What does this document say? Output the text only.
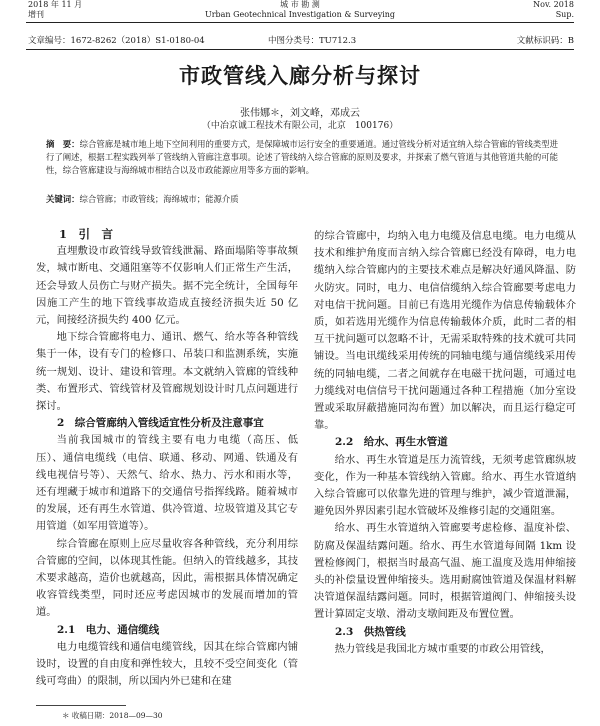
2018 年 11 月
增刊
城 市 勘 测
Urban Geotechnical Investigation & Surveying
Nov. 2018
Sup.
文章编号：1672-8262（2018）S1-0180-04	中图分类号：TU712.3	文献标识码：B
市政管线入廊分析与探讨
张伟娜＊，刘文峰，邓成云
（中冶京诚工程技术有限公司，北京　100176）
摘　要：综合管廊是城市地上地下空间利用的重要方式，是保障城市运行安全的重要通道。通过管线分析对适宜纳入综合管廊的管线类型进行了阐述，根据工程实践列举了管线纳入管廊注意事项。论述了管线纳入综合管廊的原则及要求，并探索了燃气管道与其他管道共舱的可能性，综合管廊建设与海绵城市相结合以及市政能源应用等多方面的影响。
关键词：综合管廊；市政管线；海绵城市；能源介质

1　引　言

直埋敷设市政管线导致管线泄漏、路面塌陷等事故频发，城市断电、交通阻塞等不仅影响人们正常生产生活，还会导致人员伤亡与财产损失。据不完全统计，全国每年因施工产生的地下管线事故造成直接经济损失近 50 亿元，间接经济损失约 400 亿元。

地下综合管廊将电力、通讯、燃气、给水等各种管线集于一体，设有专门的检修口、吊装口和监测系统，实施统一规划、设计、建设和管理。本文就纳入管廊的管线种类、布置形式、管线管材及管廊规划设计时几点问题进行探讨。

2　综合管廊纳入管线适宜性分析及注意事宜

当前我国城市的管线主要有电力电缆（高压、低压）、通信电缆线（电信、联通、移动、网通、铁通及有线电视信号等）、天然气、给水、热力、污水和雨水等，还有埋藏于城市和道路下的交通信号指挥线路。随着城市的发展，还有再生水管道、供冷管道、垃圾管道及其它专用管道（如军用管道等）。

综合管廊在原则上应尽量收容各种管线，充分利用综合管廊的空间，以体现其性能。但纳入的管线越多，其技术要求越高，造价也就越高，因此，需根据具体情况确定收容管线类型，同时还应考虑因城市的发展而增加的管道。

2.1　电力、通信缆线

电力电缆管线和通信电缆管线，因其在综合管廊内铺设时，设置的自由度和弹性较大，且较不受空间变化（管线可弯曲）的限制，所以国内外已建和在建

的综合管廊中，均纳入电力电缆及信息电缆。电力电缆从技术和维护角度而言纳入综合管廊已经没有障碍，电力电缆纳入综合管廊内的主要技术难点是解决好通风降温、防火防灾。同时，电力、电信信缆纳入综合管廊要考虑电力对电信干扰问题。目前已有选用光缆作为信息传输载体介质，如若选用光缆作为信息传输载体介质，此时二者的相互干扰问题可以忽略不计，无需采取特殊的技术就可共同铺设。当电讯缆线采用传统的同轴电缆与通信缆线采用传统的同轴电缆，二者之间就存在电磁干扰问题，可通过电力缆线对电信信号干扰问题通过各种工程措施（加分室设置或采取屏蔽措施同沟布置）加以解决，而且运行稳定可靠。

2.2　给水、再生水管道

给水、再生水管道是压力流管线，无须考虑管廊纵坡变化，作为一种基本管线纳入管廊。给水、再生水管道纳入综合管廊可以依靠先进的管理与维护，减少管道泄漏，避免因外界因素引起水管破坏及维修引起的交通阻塞。

给水、再生水管道纳入管廊要考虑检修、温度补偿、防腐及保温结露问题。给水、再生水管道每间隔 1km 设置检修阀门，根据当时最高气温、施工温度及选用伸缩接头的补偿量设置伸缩接头。选用耐腐蚀管道及保温材料解决管道保温结露问题。同时，根据管道阀门、伸缩接头设置计算固定支墩、滑动支墩间距及布置位置。

2.3　供热管线

热力管线是我国北方城市重要的市政公用管线，

＊ 收稿日期：2018—09—30
